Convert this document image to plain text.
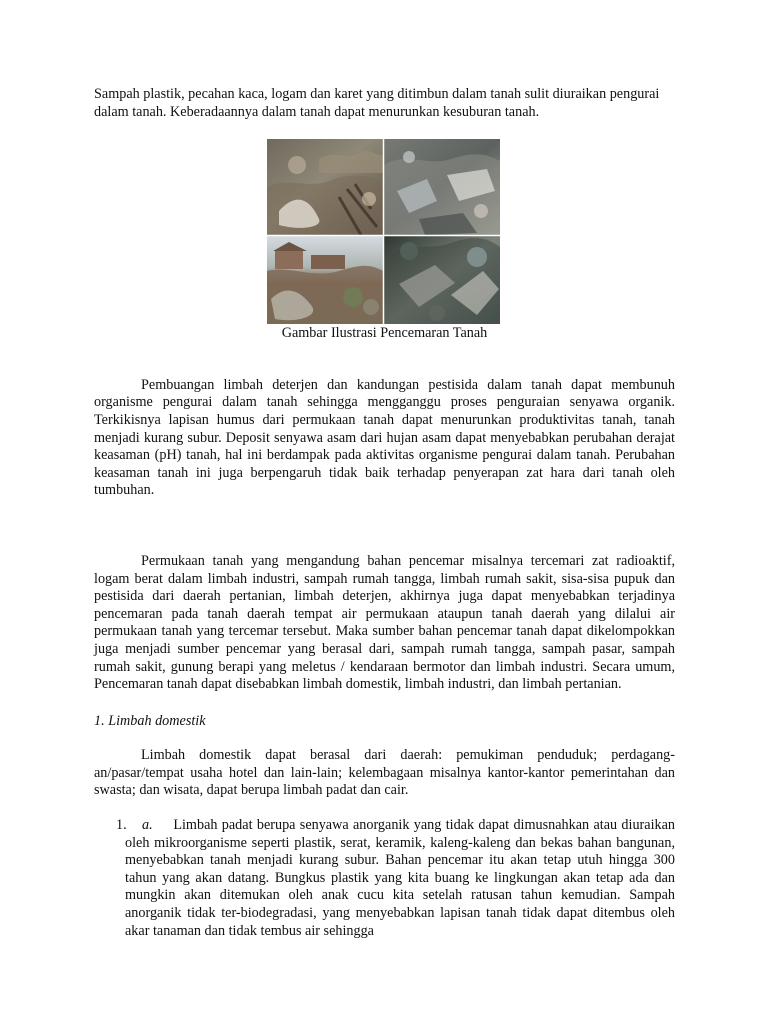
Sampah plastik, pecahan kaca, logam dan karet yang ditimbun dalam tanah sulit diuraikan pengurai dalam tanah. Keberadaannya dalam tanah dapat menurunkan kesuburan tanah.

Gambar Ilustrasi Pencemaran Tanah

Pembuangan limbah deterjen dan kandungan pestisida dalam tanah dapat membunuh organisme pengurai dalam tanah sehingga mengganggu proses penguraian senyawa organik. Terkikisnya lapisan humus dari permukaan tanah dapat menurunkan produktivitas tanah, tanah menjadi kurang subur. Deposit senyawa asam dari hujan asam dapat menyebabkan perubahan derajat keasaman (pH) tanah, hal ini berdampak pada aktivitas organisme pengurai dalam tanah. Perubahan keasaman tanah ini juga berpengaruh tidak baik terhadap penyerapan zat hara dari tanah oleh tumbuhan.

Permukaan tanah yang mengandung bahan pencemar misalnya tercemari zat radioaktif, logam berat dalam limbah industri, sampah rumah tangga, limbah rumah sakit, sisa-sisa pupuk dan pestisida dari daerah pertanian, limbah deterjen, akhirnya juga dapat menyebabkan terjadinya pencemaran pada tanah daerah tempat air permukaan ataupun tanah daerah yang dilalui air permukaan tanah yang tercemar tersebut. Maka sumber bahan pencemar tanah dapat dikelompokkan juga menjadi sumber pencemar yang berasal dari, sampah rumah tangga, sampah pasar, sampah rumah sakit, gunung berapi yang meletus / kendaraan bermotor dan limbah industri. Secara umum, Pencemaran tanah dapat disebabkan limbah domestik, limbah industri, dan limbah pertanian.

1. Limbah domestik

Limbah domestik dapat berasal dari daerah: pemukiman penduduk; perdagang-an/pasar/tempat usaha hotel dan lain-lain; kelembagaan misalnya kantor-kantor pemerintahan dan swasta; dan wisata, dapat berupa limbah padat dan cair.

1.	a. Limbah padat berupa senyawa anorganik yang tidak dapat dimusnahkan atau diuraikan oleh mikroorganisme seperti plastik, serat, keramik, kaleng-kaleng dan bekas bahan bangunan, menyebabkan tanah menjadi kurang subur. Bahan pencemar itu akan tetap utuh hingga 300 tahun yang akan datang. Bungkus plastik yang kita buang ke lingkungan akan tetap ada dan mungkin akan ditemukan oleh anak cucu kita setelah ratusan tahun kemudian. Sampah anorganik tidak ter-biodegradasi, yang menyebabkan lapisan tanah tidak dapat ditembus oleh akar tanaman dan tidak tembus air sehingga
